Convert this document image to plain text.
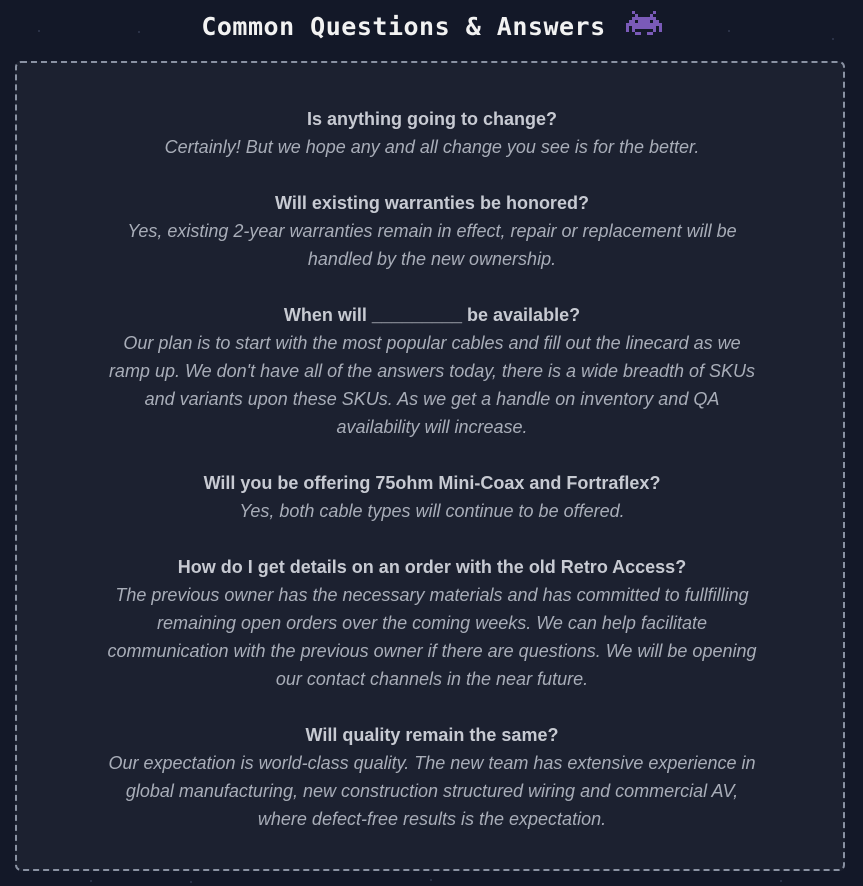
Common Questions & Answers
Is anything going to change?
Certainly! But we hope any and all change you see is for the better.
Will existing warranties be honored?
Yes, existing 2-year warranties remain in effect, repair or replacement will be handled by the new ownership.
When will _________ be available?
Our plan is to start with the most popular cables and fill out the linecard as we ramp up. We don't have all of the answers today, there is a wide breadth of SKUs and variants upon these SKUs. As we get a handle on inventory and QA availability will increase.
Will you be offering 75ohm Mini-Coax and Fortraflex?
Yes, both cable types will continue to be offered.
How do I get details on an order with the old Retro Access?
The previous owner has the necessary materials and has committed to fullfilling remaining open orders over the coming weeks. We can help facilitate communication with the previous owner if there are questions. We will be opening our contact channels in the near future.
Will quality remain the same?
Our expectation is world-class quality. The new team has extensive experience in global manufacturing, new construction structured wiring and commercial AV, where defect-free results is the expectation.
